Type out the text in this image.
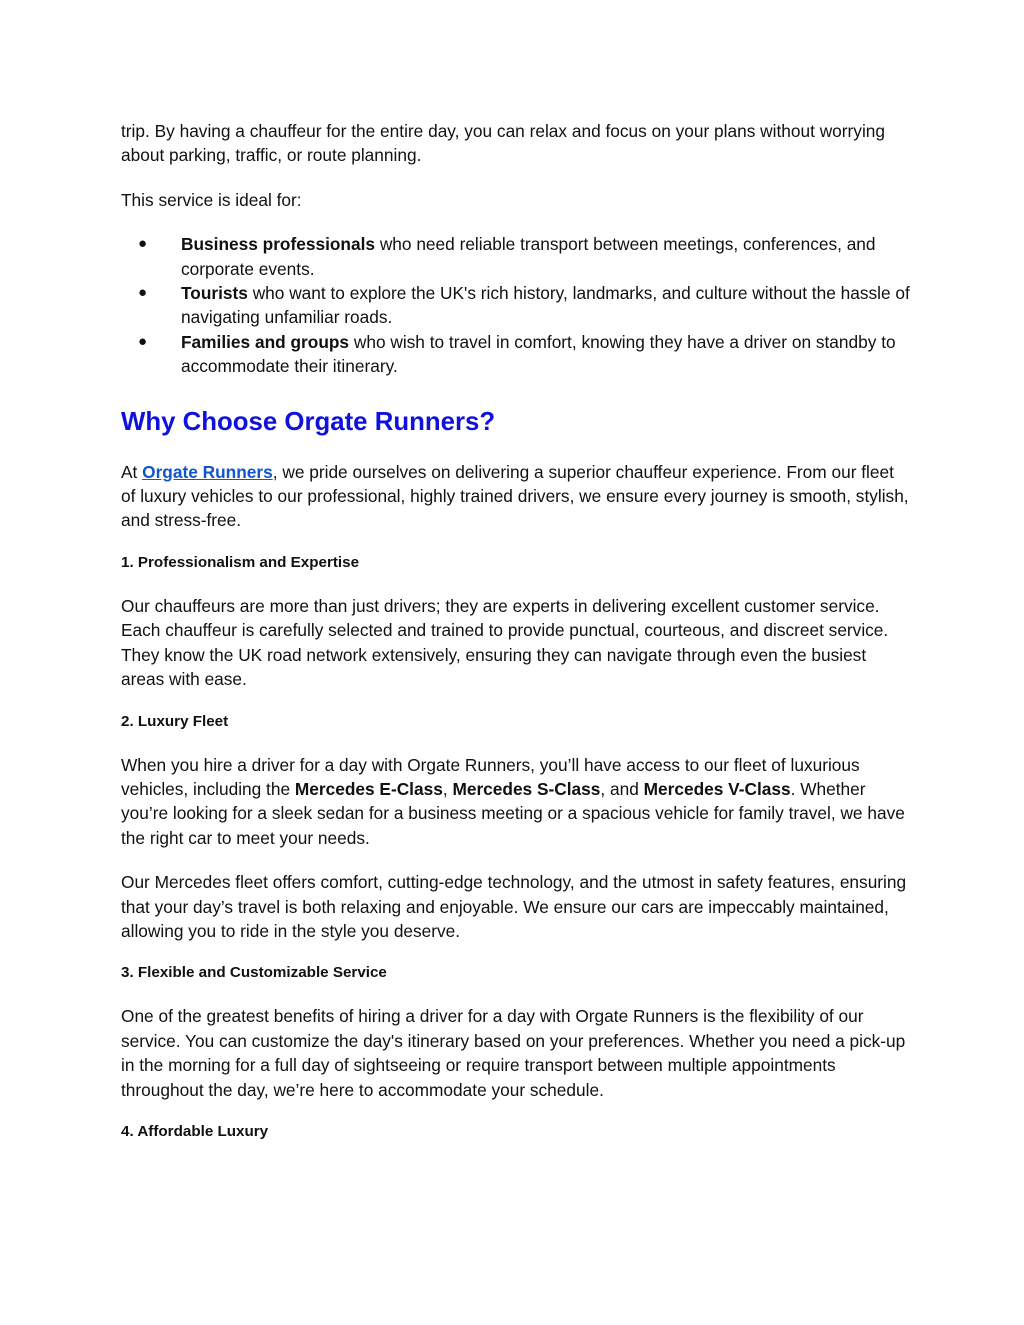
trip. By having a chauffeur for the entire day, you can relax and focus on your plans without worrying about parking, traffic, or route planning.

This service is ideal for:

● Business professionals who need reliable transport between meetings, conferences, and corporate events.
● Tourists who want to explore the UK's rich history, landmarks, and culture without the hassle of navigating unfamiliar roads.
● Families and groups who wish to travel in comfort, knowing they have a driver on standby to accommodate their itinerary.
Why Choose Orgate Runners?

At Orgate Runners, we pride ourselves on delivering a superior chauffeur experience. From our fleet of luxury vehicles to our professional, highly trained drivers, we ensure every journey is smooth, stylish, and stress-free.

1. Professionalism and Expertise

Our chauffeurs are more than just drivers; they are experts in delivering excellent customer service. Each chauffeur is carefully selected and trained to provide punctual, courteous, and discreet service. They know the UK road network extensively, ensuring they can navigate through even the busiest areas with ease.

2. Luxury Fleet

When you hire a driver for a day with Orgate Runners, you’ll have access to our fleet of luxurious vehicles, including the Mercedes E-Class, Mercedes S-Class, and Mercedes V-Class. Whether you’re looking for a sleek sedan for a business meeting or a spacious vehicle for family travel, we have the right car to meet your needs.

Our Mercedes fleet offers comfort, cutting-edge technology, and the utmost in safety features, ensuring that your day’s travel is both relaxing and enjoyable. We ensure our cars are impeccably maintained, allowing you to ride in the style you deserve.

3. Flexible and Customizable Service

One of the greatest benefits of hiring a driver for a day with Orgate Runners is the flexibility of our service. You can customize the day's itinerary based on your preferences. Whether you need a pick-up in the morning for a full day of sightseeing or require transport between multiple appointments throughout the day, we’re here to accommodate your schedule.

4. Affordable Luxury
